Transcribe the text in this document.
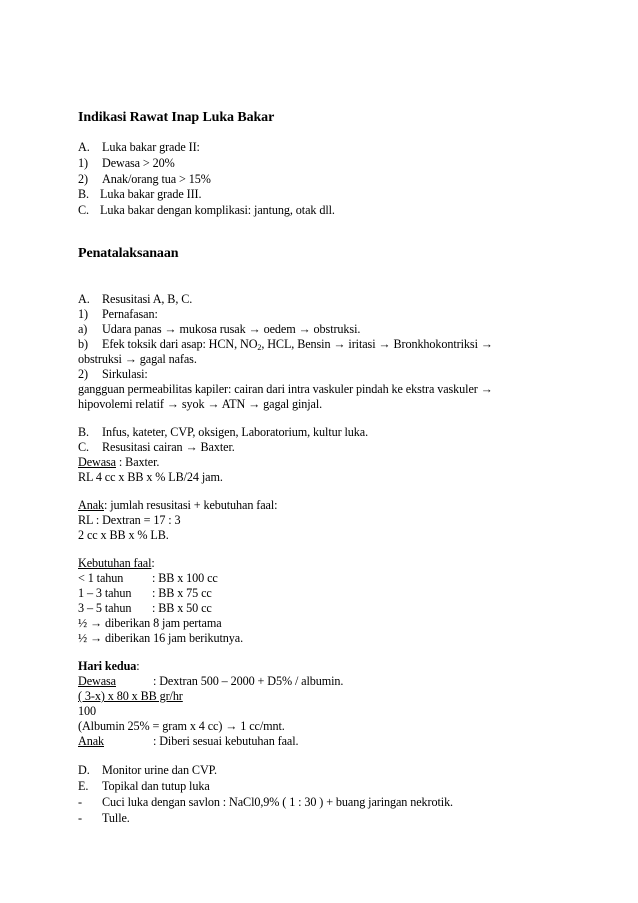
Indikasi Rawat Inap Luka Bakar
A. Luka bakar grade II:
1) Dewasa > 20%
2) Anak/orang tua > 15%
B. Luka bakar grade III.
C. Luka bakar dengan komplikasi: jantung, otak dll.
Penatalaksanaan
A. Resusitasi A, B, C.
1) Pernafasan:
a) Udara panas → mukosa rusak → oedem → obstruksi.
b) Efek toksik dari asap: HCN, $NO_2$, HCL, Bensin → iritasi → Bronkhokontriksi →
obstruksi → gagal nafas.
2) Sirkulasi:
gangguan permeabilitas kapiler: cairan dari intra vaskuler pindah ke ekstra vaskuler →
hipovolemi relatif → syok → ATN → gagal ginjal.
B. Infus, kateter, CVP, oksigen, Laboratorium, kultur luka.
C. Resusitasi cairan → Baxter.
Dewasa : Baxter.
RL 4 cc x BB x % LB/24 jam.
Anak: jumlah resusitasi + kebutuhan faal:
RL : Dextran = 17 : 3
2 cc x BB x % LB.
Kebutuhan faal:
< 1 tahun : BB x 100 cc
1 – 3 tahun : BB x 75 cc
3 – 5 tahun : BB x 50 cc
½ → diberikan 8 jam pertama
½ → diberikan 16 jam berikutnya.
Hari kedua:
Dewasa	: Dextran 500 – 2000 + D5% / albumin.
( 3-x) x 80 x BB gr/hr
100
(Albumin 25% = gram x 4 cc) → 1 cc/mnt.
Anak	: Diberi sesuai kebutuhan faal.
D. Monitor urine dan CVP.
E. Topikal dan tutup luka
- Cuci luka dengan savlon : NaCl0,9% ( 1 : 30 ) + buang jaringan nekrotik.
- Tulle.
